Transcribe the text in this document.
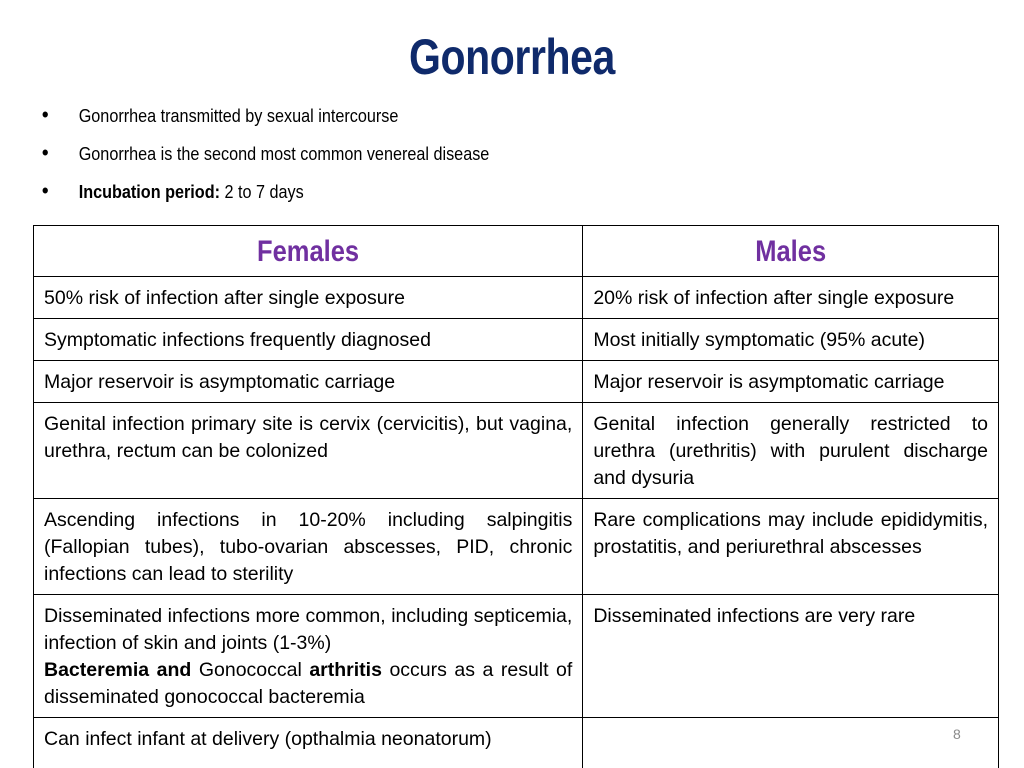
Gonorrhea
• Gonorrhea transmitted by sexual intercourse
• Gonorrhea is the second most common venereal disease
• Incubation period: 2 to 7 days
Females	Males

50% risk of infection after single exposure	20% risk of infection after single exposure

Symptomatic infections frequently diagnosed	Most initially symptomatic (95% acute)

Major reservoir is asymptomatic carriage	Major reservoir is asymptomatic carriage

Genital infection primary site is cervix (cervicitis), but vagina, urethra, rectum can be colonized	Genital infection generally restricted to urethra (urethritis) with purulent discharge and dysuria

Ascending infections in 10-20% including salpingitis (Fallopian tubes), tubo-ovarian abscesses, PID, chronic infections can lead to sterility	Rare complications may include epididymitis, prostatitis, and periurethral abscesses

Disseminated infections more common, including septicemia, infection of skin and joints (1-3%)
Bacteremia and Gonococcal arthritis occurs as a result of disseminated gonococcal bacteremia	Disseminated infections are very rare

Can infect infant at delivery (opthalmia neonatorum)	
		8
